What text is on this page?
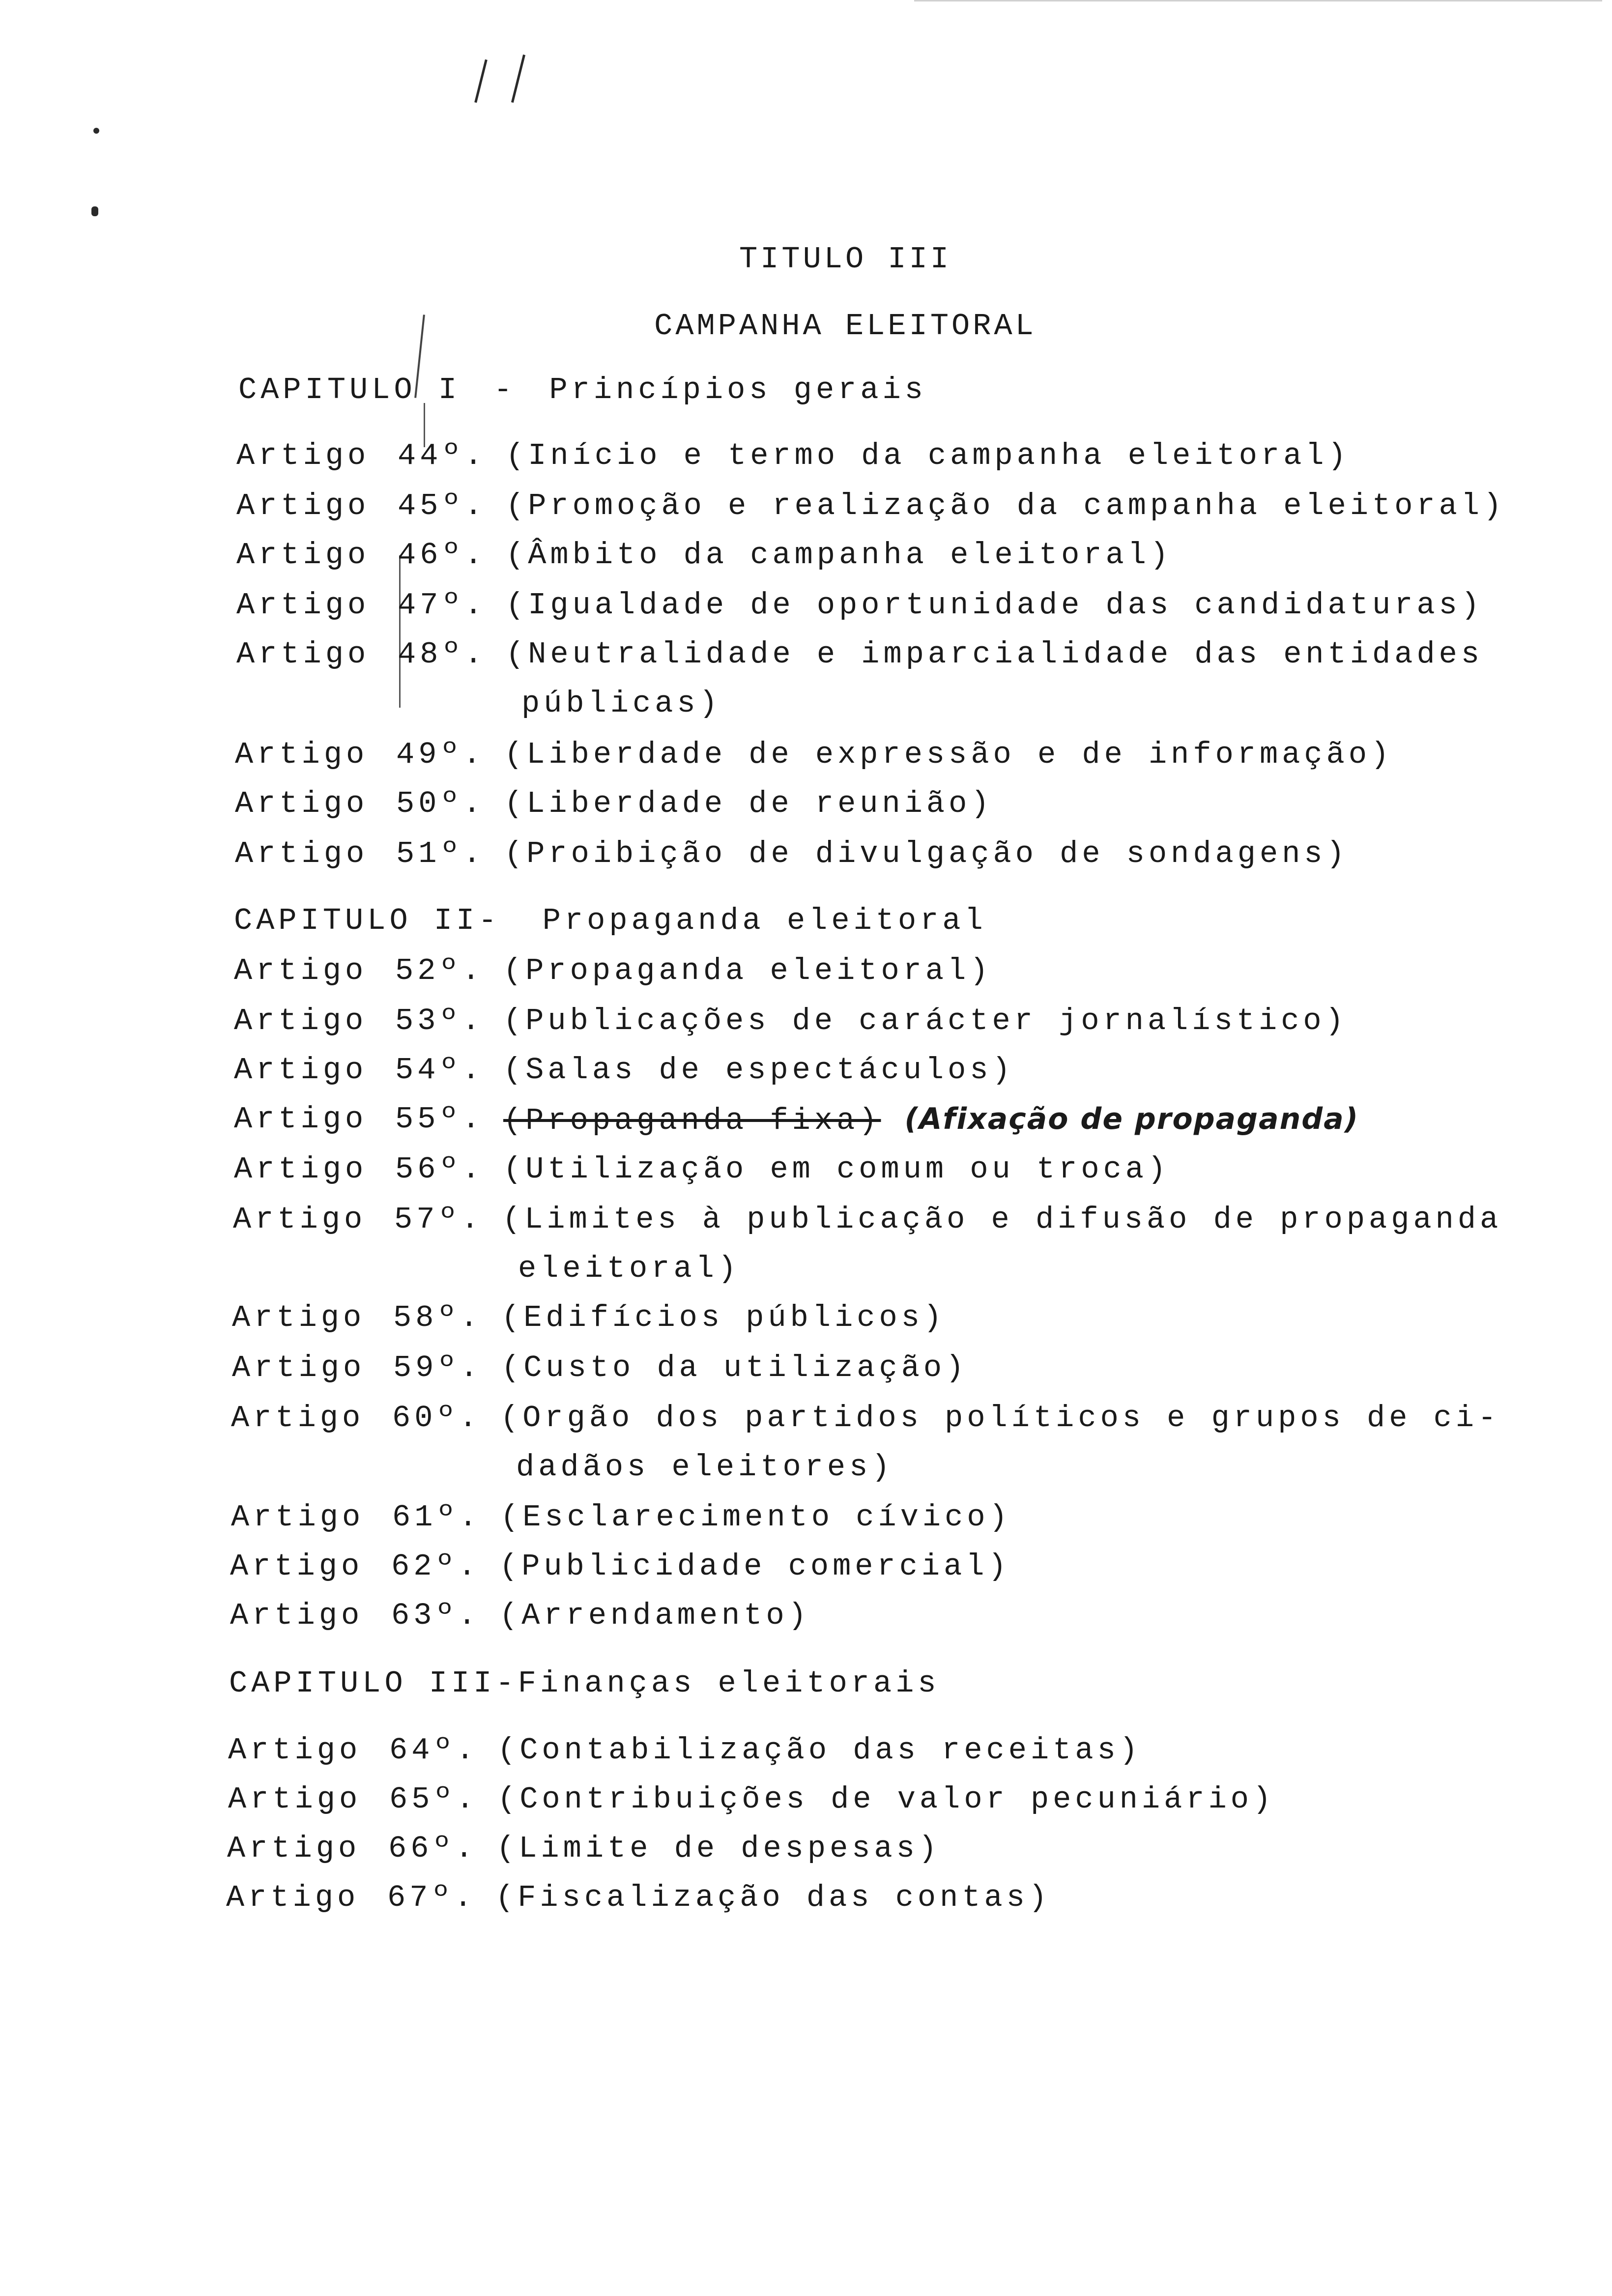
TITULO III
CAMPANHA ELEITORAL
CAPITULO I - Princípios gerais
Artigo 44º. (Início e termo da campanha eleitoral)
Artigo 45º. (Promoção e realização da campanha eleitoral)
Artigo 46º. (Âmbito da campanha eleitoral)
Artigo 47º. (Igualdade de oportunidade das candidaturas)
Artigo 48º. (Neutralidade e imparcialidade das entidades
públicas)
Artigo 49º. (Liberdade de expressão e de informação)
Artigo 50º. (Liberdade de reunião)
Artigo 51º. (Proibição de divulgação de sondagens)
CAPITULO II- Propaganda eleitoral
Artigo 52º. (Propaganda eleitoral)
Artigo 53º. (Publicações de carácter jornalístico)
Artigo 54º. (Salas de espectáculos)
Artigo 55º. (Propaganda fixa) (Afixação de propaganda)
Artigo 56º. (Utilização em comum ou troca)
Artigo 57º. (Limites à publicação e difusão de propaganda
eleitoral)
Artigo 58º. (Edifícios públicos)
Artigo 59º. (Custo da utilização)
Artigo 60º. (Orgão dos partidos políticos e grupos de ci-
dadãos eleitores)
Artigo 61º. (Esclarecimento cívico)
Artigo 62º. (Publicidade comercial)
Artigo 63º. (Arrendamento)
CAPITULO III-Finanças eleitorais
Artigo 64º. (Contabilização das receitas)
Artigo 65º. (Contribuições de valor pecuniário)
Artigo 66º. (Limite de despesas)
Artigo 67º. (Fiscalização das contas)
